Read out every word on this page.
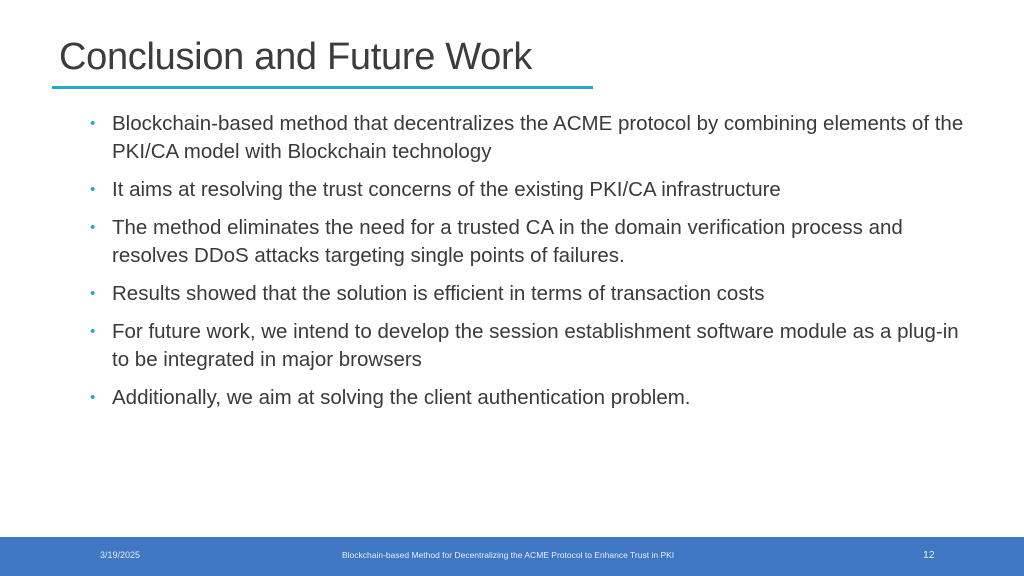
Conclusion and Future Work
• Blockchain-based method that decentralizes the ACME protocol by combining elements of the PKI/CA model with Blockchain technology
• It aims at resolving the trust concerns of the existing PKI/CA infrastructure
• The method eliminates the need for a trusted CA in the domain verification process and resolves DDoS attacks targeting single points of failures.
• Results showed that the solution is efficient in terms of transaction costs
• For future work, we intend to develop the session establishment software module as a plug-in to be integrated in major browsers
• Additionally, we aim at solving the client authentication problem.
3/19/2025	Blockchain-based Method for Decentralizing the ACME Protocol to Enhance Trust in PKI	12
